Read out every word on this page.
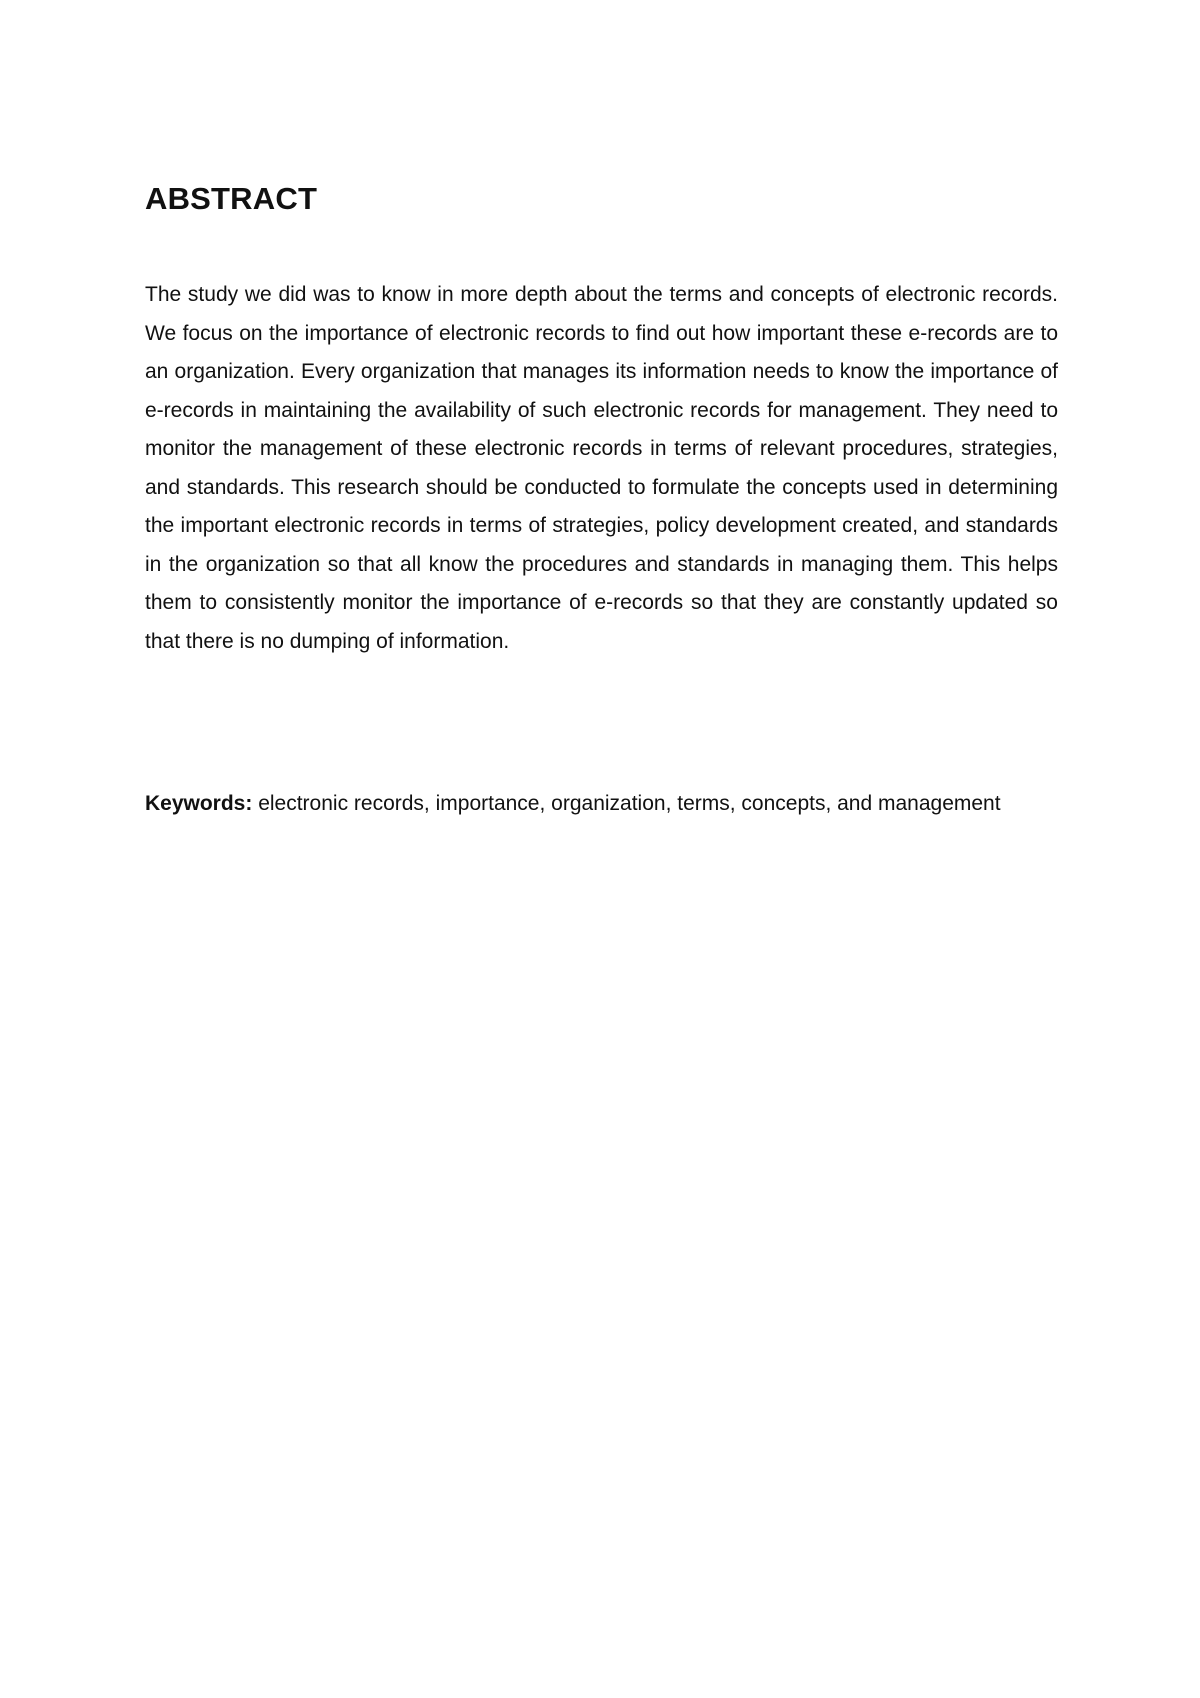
ABSTRACT

The study we did was to know in more depth about the terms and concepts of electronic records. We focus on the importance of electronic records to find out how important these e-records are to an organization. Every organization that manages its information needs to know the importance of e-records in maintaining the availability of such electronic records for management. They need to monitor the management of these electronic records in terms of relevant procedures, strategies, and standards. This research should be conducted to formulate the concepts used in determining the important electronic records in terms of strategies, policy development created, and standards in the organization so that all know the procedures and standards in managing them. This helps them to consistently monitor the importance of e-records so that they are constantly updated so that there is no dumping of information.

Keywords: electronic records, importance, organization, terms, concepts, and management
